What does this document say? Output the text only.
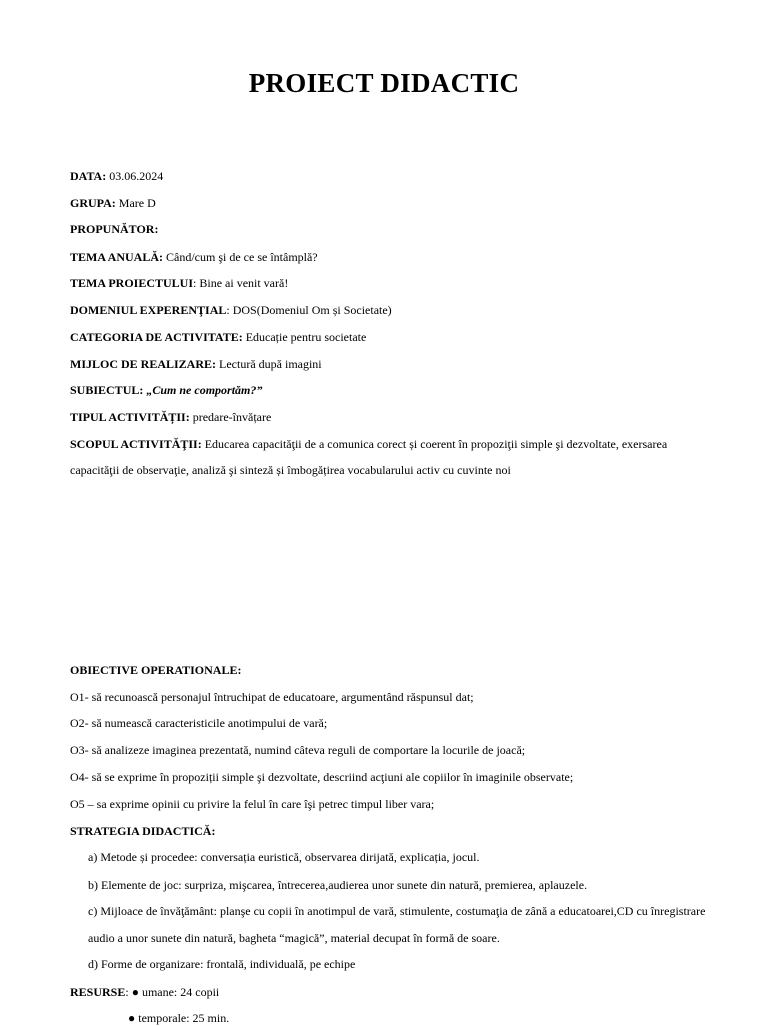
PROIECT DIDACTIC
DATA: 03.06.2024
GRUPA: Mare D
PROPUNĂTOR:
TEMA ANUALĂ: Când/cum şi de ce se întâmplă?
TEMA PROIECTULUI: Bine ai venit vară!
DOMENIUL EXPERENŢIAL: DOS(Domeniul Om și Societate)
CATEGORIA DE ACTIVITATE: Educație pentru societate
MIJLOC DE REALIZARE: Lectură după imagini
SUBIECTUL: „Cum ne comportăm?”
TIPUL ACTIVITĂȚII: predare-învățare
SCOPUL ACTIVITĂŢII: Educarea capacităţii de a comunica corect și coerent în propoziţii simple şi dezvoltate, exersarea
capacităţii de observaţie, analiză şi sinteză și îmbogățirea vocabularului activ cu cuvinte noi
OBIECTIVE OPERATIONALE:
O1- să recunoască personajul întruchipat de educatoare, argumentând răspunsul dat;
O2- să numească caracteristicile anotimpului de vară;
O3- să analizeze imaginea prezentată, numind câteva reguli de comportare la locurile de joacă;
O4- să se exprime în propoziții simple şi dezvoltate, descriind acţiuni ale copiilor în imaginile observate;
O5 – sa exprime opinii cu privire la felul în care îşi petrec timpul liber vara;
STRATEGIA DIDACTICĂ:
a) Metode și procedee: conversația euristică, observarea dirijată, explicația, jocul.
b) Elemente de joc: surpriza, mişcarea, întrecerea,audierea unor sunete din natură, premierea, aplauzele.
c) Mijloace de învăţământ: planşe cu copii în anotimpul de vară, stimulente, costumaţia de zână a educatoarei,CD cu înregistrare
audio a unor sunete din natură, bagheta “magică”, material decupat în formă de soare.
d) Forme de organizare: frontală, individuală, pe echipe
RESURSE: ● umane: 24 copii
● temporale: 25 min.
